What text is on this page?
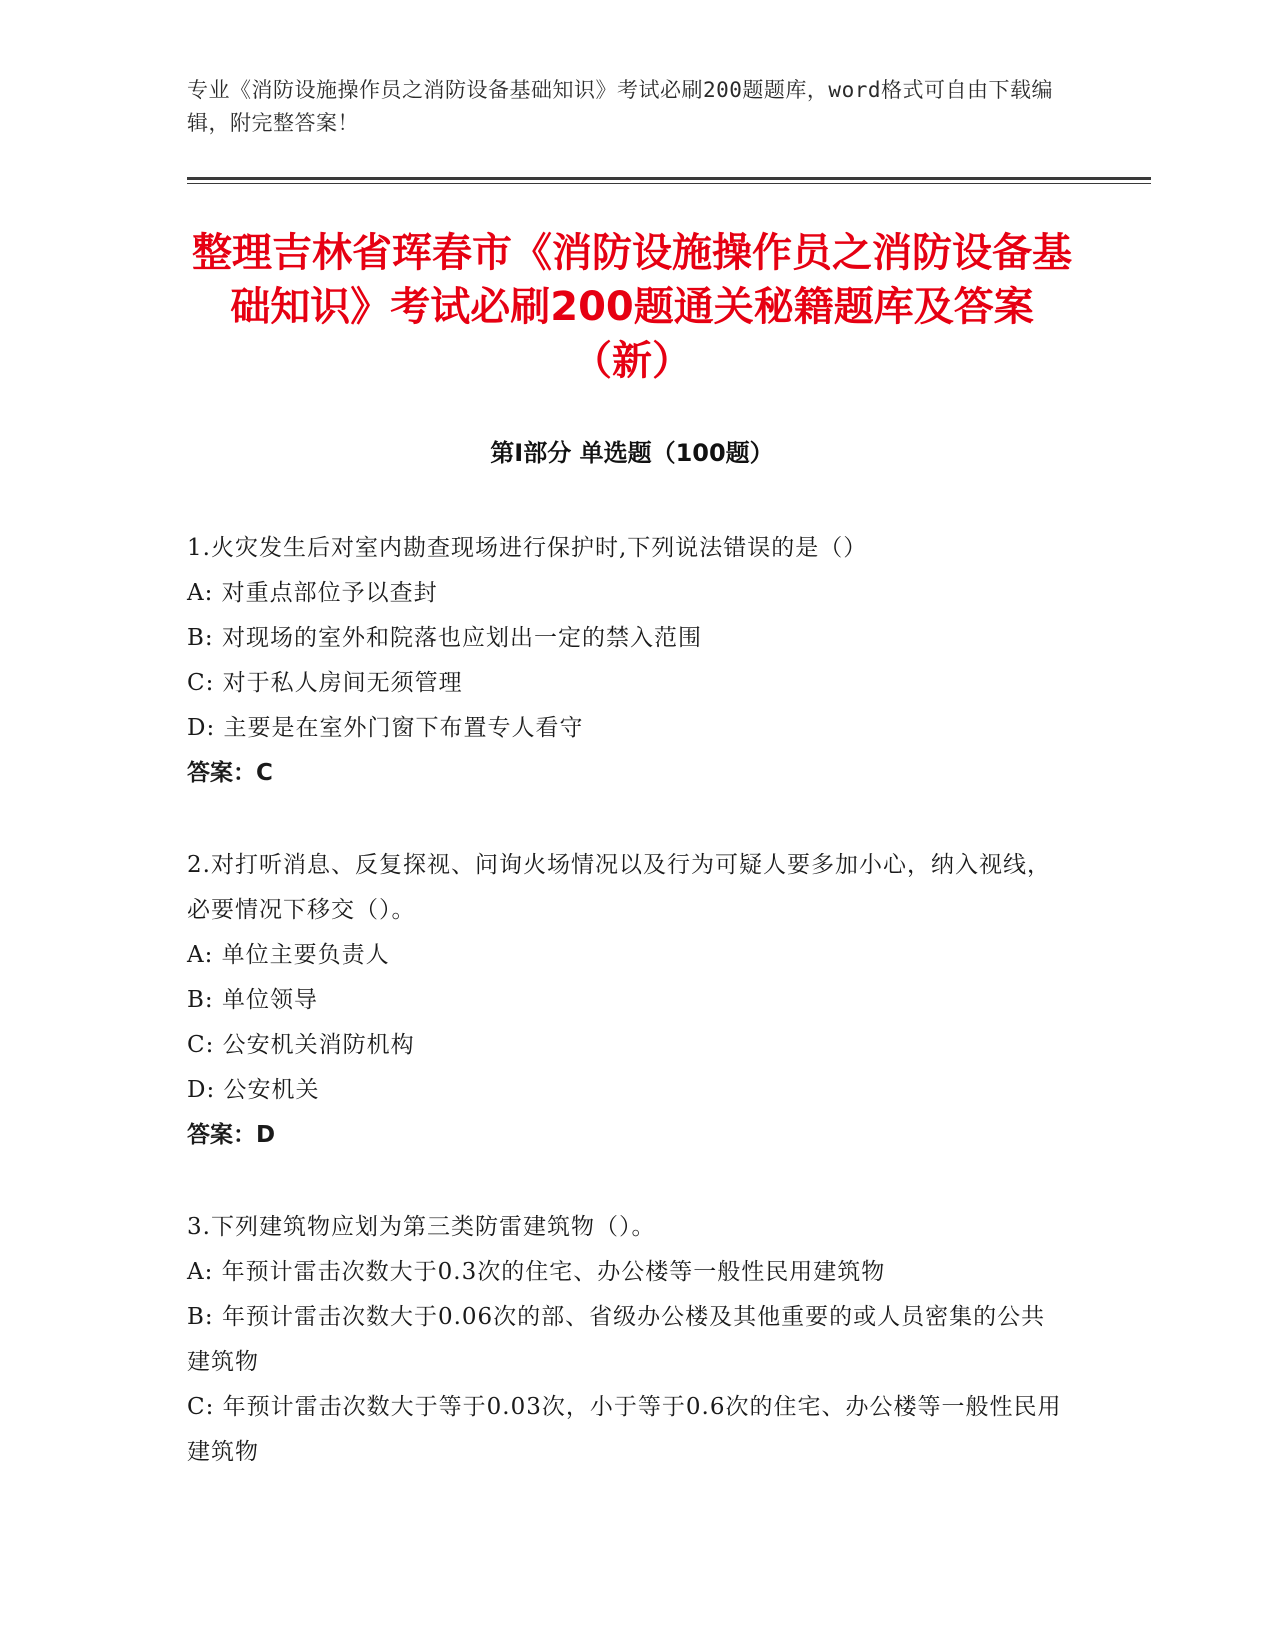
专业《消防设施操作员之消防设备基础知识》考试必刷200题题库，word格式可自由下载编辑，附完整答案！
整理吉林省珲春市《消防设施操作员之消防设备基础知识》考试必刷200题通关秘籍题库及答案（新）
第I部分 单选题（100题）

1.火灾发生后对室内勘查现场进行保护时,下列说法错误的是（）

A: 对重点部位予以查封

B: 对现场的室外和院落也应划出一定的禁入范围

C: 对于私人房间无须管理

D: 主要是在室外门窗下布置专人看守

答案：C

2.对打听消息、反复探视、问询火场情况以及行为可疑人要多加小心，纳入视线，必要情况下移交（）。

A: 单位主要负责人

B: 单位领导

C: 公安机关消防机构

D: 公安机关

答案：D

3.下列建筑物应划为第三类防雷建筑物（）。

A: 年预计雷击次数大于0.3次的住宅、办公楼等一般性民用建筑物

B: 年预计雷击次数大于0.06次的部、省级办公楼及其他重要的或人员密集的公共建筑物

C: 年预计雷击次数大于等于0.03次，小于等于0.6次的住宅、办公楼等一般性民用建筑物
